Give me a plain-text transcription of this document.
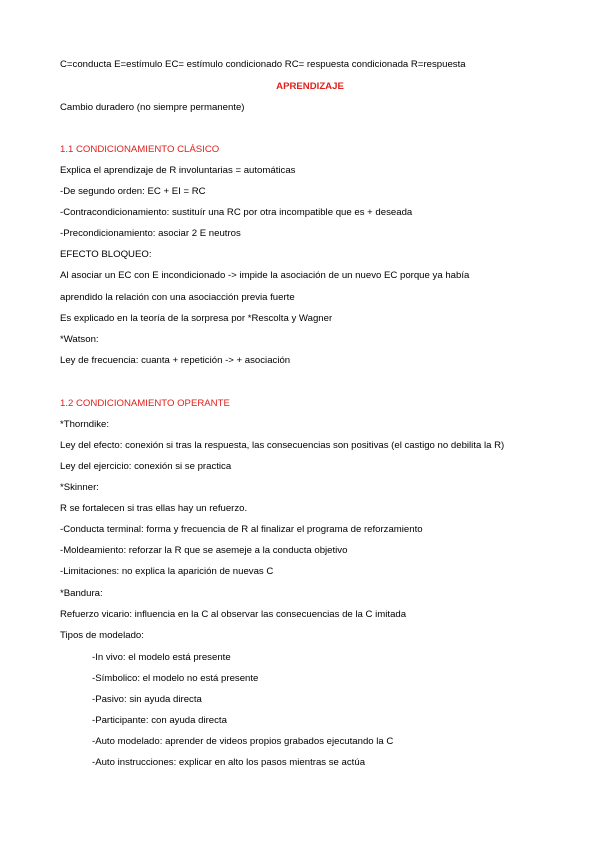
C=conducta E=estímulo EC= estímulo condicionado RC= respuesta condicionada R=respuesta
APRENDIZAJE
Cambio duradero (no siempre permanente)
1.1 CONDICIONAMIENTO CLÁSICO
Explica el aprendizaje de R involuntarias = automáticas
-De segundo orden: EC + EI = RC
-Contracondicionamiento: sustituír una RC por otra incompatible que es + deseada
-Precondicionamiento: asociar 2 E neutros
EFECTO BLOQUEO:
Al asociar un EC con E incondicionado -> impide la asociación de un nuevo EC porque ya había
aprendido la relación con una asociacción previa fuerte
Es explicado en la teoría de la sorpresa por *Rescolta y Wagner
*Watson:
Ley de frecuencia: cuanta + repetición -> + asociación
1.2 CONDICIONAMIENTO OPERANTE
*Thorndike:
Ley del efecto: conexión si tras la respuesta, las consecuencias son positivas (el castigo no debilita la R)
Ley del ejercicio: conexión si se practica
*Skinner:
R se fortalecen si tras ellas hay un refuerzo.
-Conducta terminal: forma y frecuencia de R al finalizar el programa de reforzamiento
-Moldeamiento: reforzar la R que se asemeje a la conducta objetivo
-Limitaciones: no explica la aparición de nuevas C
*Bandura:
Refuerzo vicario: influencia en la C al observar las consecuencias de la C imitada
Tipos de modelado:
-In vivo: el modelo está presente
-Símbolico: el modelo no está presente
-Pasivo: sin ayuda directa
-Participante: con ayuda directa
-Auto modelado: aprender de videos propios grabados ejecutando la C
-Auto instrucciones: explicar en alto los pasos mientras se actúa
